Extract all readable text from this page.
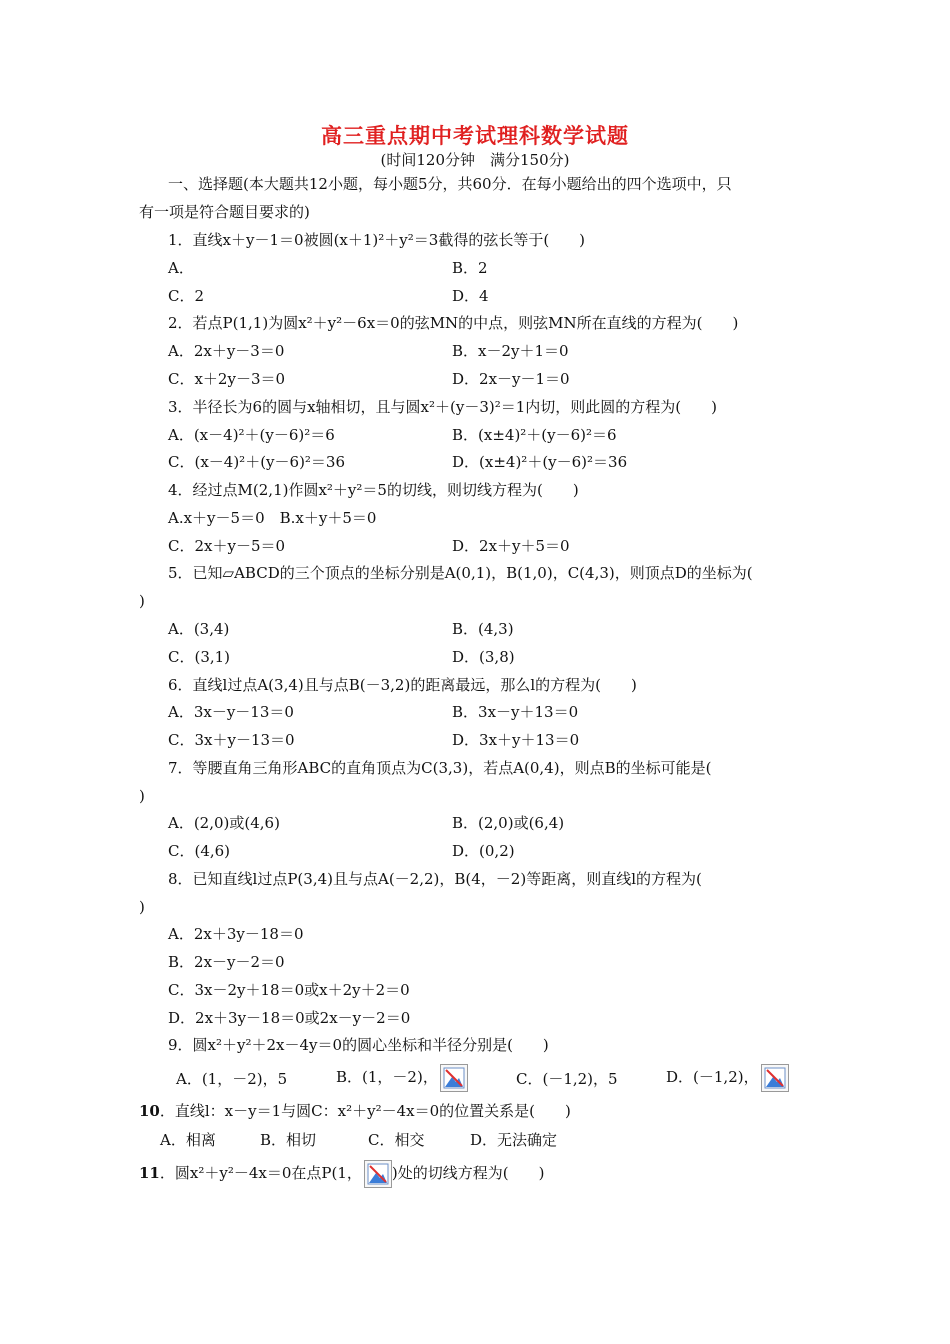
高三重点期中考试理科数学试题
(时间120分钟　满分150分)
一、选择题(本大题共12小题，每小题5分，共60分．在每小题给出的四个选项中，只
有一项是符合题目要求的)
1．直线x＋y－1＝0被圆(x＋1)²＋y²＝3截得的弦长等于(　　)
A．	B．2
C．2	D．4
2．若点P(1,1)为圆x²＋y²－6x＝0的弦MN的中点，则弦MN所在直线的方程为(　　)
A．2x＋y－3＝0	B．x－2y＋1＝0
C．x＋2y－3＝0	D．2x－y－1＝0
3．半径长为6的圆与x轴相切，且与圆x²＋(y－3)²＝1内切，则此圆的方程为(　　)
A．(x－4)²＋(y－6)²＝6	B．(x±4)²＋(y－6)²＝6
C．(x－4)²＋(y－6)²＝36	D．(x±4)²＋(y－6)²＝36
4．经过点M(2,1)作圆x²＋y²＝5的切线，则切线方程为(　　)
A.x＋y－5＝0　B.x＋y＋5＝0
C．2x＋y－5＝0	D．2x＋y＋5＝0
5．已知▱ABCD的三个顶点的坐标分别是A(0,1)，B(1,0)，C(4,3)，则顶点D的坐标为(
)
A．(3,4)	B．(4,3)
C．(3,1)	D．(3,8)
6．直线l过点A(3,4)且与点B(－3,2)的距离最远，那么l的方程为(　　)
A．3x－y－13＝0	B．3x－y＋13＝0
C．3x＋y－13＝0	D．3x＋y＋13＝0
7．等腰直角三角形ABC的直角顶点为C(3,3)，若点A(0,4)，则点B的坐标可能是(
)
A．(2,0)或(4,6)	B．(2,0)或(6,4)
C．(4,6)	D．(0,2)
8．已知直线l过点P(3,4)且与点A(－2,2)，B(4，－2)等距离，则直线l的方程为(
)
A．2x＋3y－18＝0
B．2x－y－2＝0
C．3x－2y＋18＝0或x＋2y＋2＝0
D．2x＋3y－18＝0或2x－y－2＝0
9．圆x²＋y²＋2x－4y＝0的圆心坐标和半径分别是(　　)
A．(1，－2)，5	B．(1，－2)，	C．(－1,2)，5	D．(－1,2)，
10．直线l：x－y＝1与圆C：x²＋y²－4x＝0的位置关系是(　　)
A．相离	B．相切	C．相交	D．无法确定
11．圆x²＋y²－4x＝0在点P(1， )处的切线方程为(　　)
